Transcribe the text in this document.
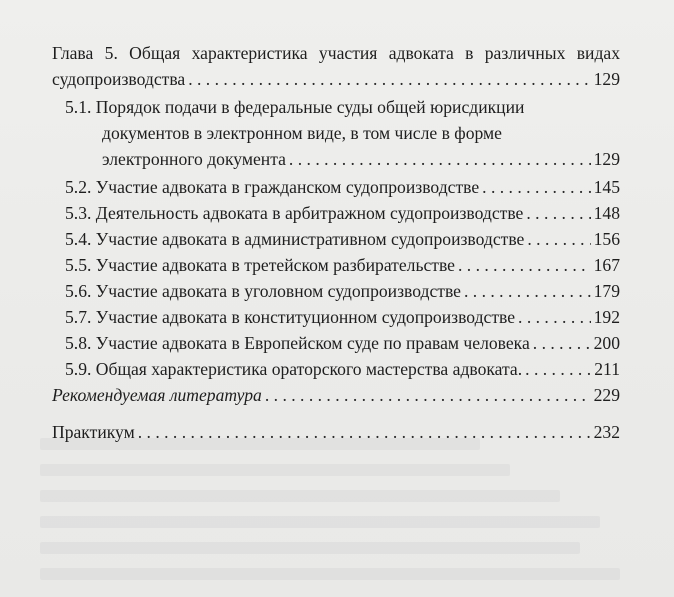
Глава 5. Общая характеристика участия адвоката в различных видах
судопроизводства . . .	129
5.1. Порядок подачи в федеральные суды общей юрисдикции
документов в электронном виде, в том числе в форме
электронного документа . . .	129
5.2. Участие адвоката в гражданском судопроизводстве . . .	145
5.3. Деятельность адвоката в арбитражном судопроизводстве . . .	148
5.4. Участие адвоката в административном судопроизводстве . . .	156
5.5. Участие адвоката в третейском разбирательстве . . .	167
5.6. Участие адвоката в уголовном судопроизводстве . . .	179
5.7. Участие адвоката в конституционном судопроизводстве . . .	192
5.8. Участие адвоката в Европейском суде по правам человека . . .	200
5.9. Общая характеристика ораторского мастерства адвоката. . . .	211
Рекомендуемая литература . . .	229
Практикум . . .	232
